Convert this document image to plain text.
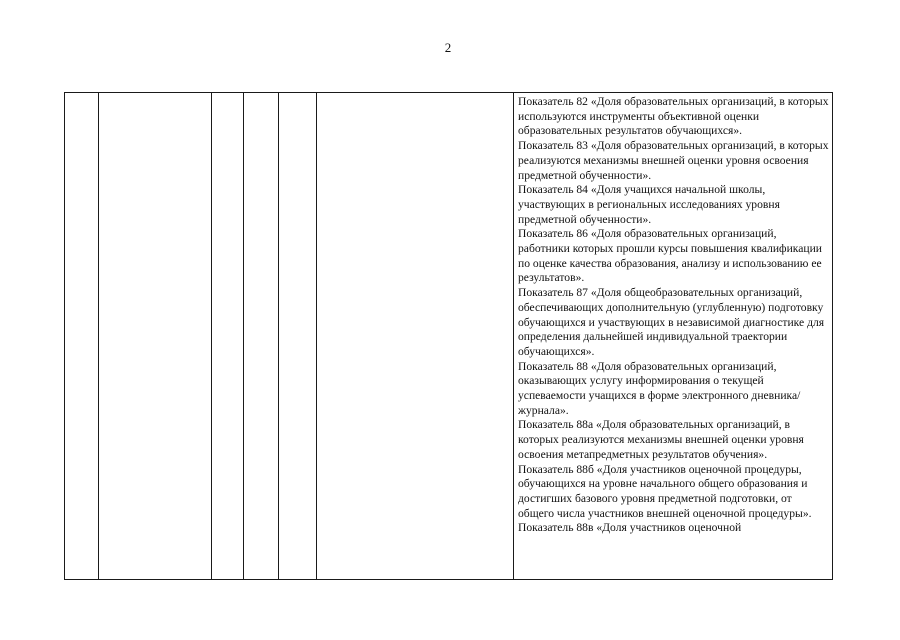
2

Показатель 82 «Доля образовательных организаций, в которых используются инструменты объективной оценки образовательных результатов обучающихся».

Показатель 83 «Доля образовательных организаций, в которых реализуются механизмы внешней оценки уровня освоения предметной обученности».

Показатель 84 «Доля учащихся начальной школы, участвующих в региональных исследованиях уровня предметной обученности».

Показатель 86 «Доля образовательных организаций, работники которых прошли курсы повышения квалификации по оценке качества образования, анализу и использованию ее результатов».

Показатель 87 «Доля общеобразовательных организаций, обеспечивающих дополнительную (углубленную) подготовку обучающихся и участвующих в независимой диагностике для определения дальнейшей индивидуальной траектории обучающихся».

Показатель 88 «Доля образовательных организаций, оказывающих услугу информирования о текущей успеваемости учащихся в форме электронного дневника/журнала».

Показатель 88а «Доля образовательных организаций, в которых реализуются механизмы внешней оценки уровня освоения метапредметных результатов обучения».

Показатель 88б «Доля участников оценочной процедуры, обучающихся на уровне начального общего образования и достигших базового уровня предметной подготовки, от общего числа участников внешней оценочной процедуры».

Показатель 88в «Доля участников оценочной
